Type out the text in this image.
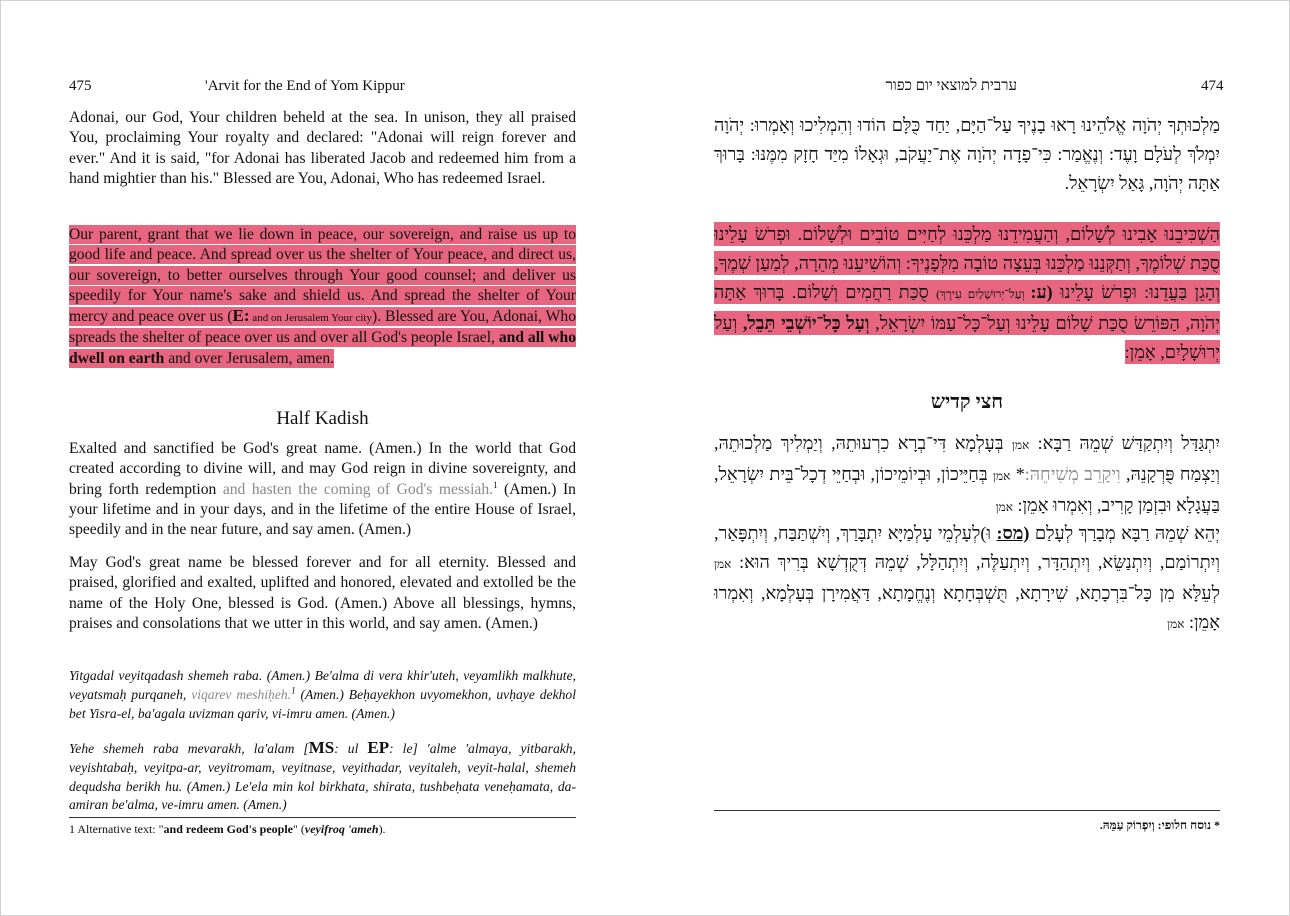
475	'Arvit for the End of Yom Kippur

Adonai, our God, Your children beheld at the sea. In unison, they all praised You, proclaiming Your royalty and declared: "Adonai will reign forever and ever." And it is said, "for Adonai has liberated Jacob and redeemed him from a hand mightier than his." Blessed are You, Adonai, Who has redeemed Israel.

Our parent, grant that we lie down in peace, our sovereign, and raise us up to good life and peace. And spread over us the shelter of Your peace, and direct us, our sovereign, to better ourselves through Your good counsel; and deliver us speedily for Your name's sake and shield us. And spread the shelter of Your mercy and peace over us (E: and on Jerusalem Your city). Blessed are You, Adonai, Who spreads the shelter of peace over us and over all God's people Israel, and all who dwell on earth and over Jerusalem, amen.

Half Kadish

Exalted and sanctified be God's great name. (Amen.) In the world that God created according to divine will, and may God reign in divine sovereignty, and bring forth redemption and hasten the coming of God's messiah.$^1$ (Amen.) In your lifetime and in your days, and in the lifetime of the entire House of Israel, speedily and in the near future, and say amen. (Amen.)

May God's great name be blessed forever and for all eternity. Blessed and praised, glorified and exalted, uplifted and honored, elevated and extolled be the name of the Holy One, blessed is God. (Amen.) Above all blessings, hymns, praises and consolations that we utter in this world, and say amen. (Amen.)

Yitgadal veyitqadash shemeh raba. (Amen.) Be'alma di vera khir'uteh, veyamlikh malkhute, veyatsmaḥ purqaneh, viqarev meshiḥeh.$^1$ (Amen.) Beḥayekhon uvyomekhon, uvḥaye dekhol bet Yisra-el, ba'agala uvizman qariv, vi-imru amen. (Amen.)

Yehe shemeh raba mevarakh, la'alam [MS: ul EP: le] 'alme 'almaya, yitbarakh, veyishtabaḥ, veyitpa-ar, veyitromam, veyitnase, veyithadar, veyitaleh, veyit-halal, shemeh dequdsha berikh hu. (Amen.) Le'ela min kol birkhata, shirata, tushbeḥata veneḥamata, da-amiran be'alma, ve-imru amen. (Amen.)

1 Alternative text: "and redeem God's people" (veyifroq 'ameh).
ערבית למוצאי יום כפור	474

מַלְכוּתְךָ יְהֹוָה אֱלֹהֵינוּ רָאוּ בָנֶיךָ עַל־הַיָּם, יַחַד כֻּלָּם הוֹדוּ וְהִמְלִיכוּ וְאָמְרוּ: יְהֹוָה יִמְלֹךְ לְעֹלָם וָעֶד: וְנֶאֱמַר: כִּי־פָדָה יְהֹוָה אֶת־יַעֲקֹב, וּגְאָלוֹ מִיַּד חָזָק מִמֶּנּוּ: בָּרוּךְ אַתָּה יְהֹוָה, גָּאַל יִשְׂרָאֵל.

הַשְׁכִּיבֵנוּ אָבִינוּ לְשָׁלוֹם, וְהַעֲמִידֵנוּ מַלְכֵּנוּ לְחַיִּים טוֹבִים וּלְשָׁלוֹם. וּפְרֹשׂ עָלֵינוּ סֻכַּת שְׁלוֹמֶךָ, וְתַקְּנֵנוּ מַלְכֵּנוּ בְּעֵצָה טוֹבָה מִלְּפָנֶיךָ: וְהוֹשִׁיעֵנוּ מְהֵרָה, לְמַעַן שְׁמֶךָ, וְהָגֵן בַּעֲדֵנוּ: וּפְרֹשׂ עָלֵינוּ (ע: וְעַל־יְרוּשָׁלַיִם עִירֶךָ) סֻכַּת רַחֲמִים וְשָׁלוֹם. בָּרוּךְ אַתָּה יְהֹוָה, הַפּוֹרֵשׂ סֻכַּת שָׁלוֹם עָלֵינוּ וְעַל־כָּל־עַמּוֹ יִשְׂרָאֵל, וְעַל כָּל־יוֹשְׁבֵי תֵּבֵל, וְעַל יְרוּשָׁלָיִם, אָמֵן:

חצי קדיש

יִתְגַּדַּל וְיִתְקַדַּשׁ שְׁמֵהּ רַבָּא: אמן בְּעָלְמָא דִּי־בְרָא כִרְעוּתֵהּ, וְיַמְלִיךְ מַלְכוּתֵהּ, וְיַצְמַח פֻּרְקָנֵהּ, וִיקָרֵב מְשִׁיחֵהּ:* אמן בְּחַיֵּיכוֹן, וּבְיוֹמֵיכוֹן, וּבְחַיֵּי דְכָל־בֵּית יִשְׂרָאֵל, בַּעֲגָלָא וּבִזְמַן קָרִיב, וְאִמְרוּ אָמֵן: אמן

יְהֵא שְׁמֵהּ רַבָּא מְבָרַךְ לְעָלַם (מס: וּ)לְעָלְמֵי עָלְמַיָּא יִתְבָּרַךְ, וְיִשְׁתַּבַּח, וְיִתְפָּאַר, וְיִתְרוֹמַם, וְיִתְנַשֵּׂא, וְיִתְהַדָּר, וְיִתְעַלֶּה, וְיִתְהַלָּל, שְׁמֵהּ דְּקֻדְשָׁא בְּרִיךְ הוּא: אמן לְעֵלָּא מִן כָּל־בִּרְכָתָא, שִׁירָתָא, תֻּשְׁבְּחָתָא וְנֶחֱמָתָא, דַּאֲמִירָן בְּעָלְמָא, וְאִמְרוּ אָמֵן: אמן

* נוסח חלופי: וְיִפְרוֹק עַמֵּהּ.
